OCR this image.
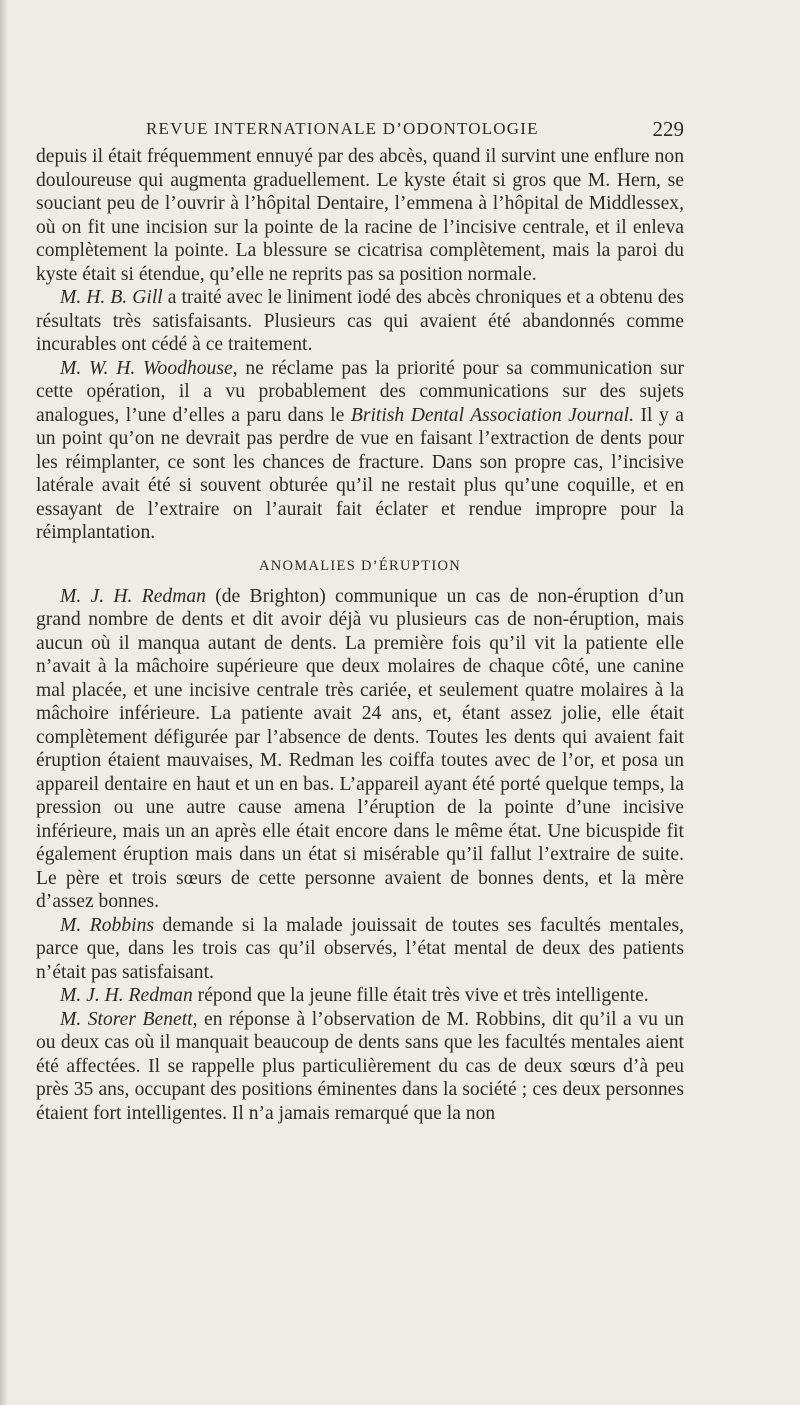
REVUE INTERNATIONALE D’ODONTOLOGIE	229

depuis il était fréquemment ennuyé par des abcès, quand il survint une enflure non douloureuse qui augmenta graduellement. Le kyste était si gros que M. Hern, se souciant peu de l’ouvrir à l’hôpital Dentaire, l’emmena à l’hôpital de Middlessex, où on fit une incision sur la pointe de la racine de l’incisive centrale, et il enleva complètement la pointe. La blessure se cicatrisa complètement, mais la paroi du kyste était si étendue, qu’elle ne reprits pas sa position normale.

M. H. B. Gill a traité avec le liniment iodé des abcès chroniques et a obtenu des résultats très satisfaisants. Plusieurs cas qui avaient été abandonnés comme incurables ont cédé à ce traitement.

M. W. H. Woodhouse, ne réclame pas la priorité pour sa communication sur cette opération, il a vu probablement des communications sur des sujets analogues, l’une d’elles a paru dans le British Dental Association Journal. Il y a un point qu’on ne devrait pas perdre de vue en faisant l’extraction de dents pour les réimplanter, ce sont les chances de fracture. Dans son propre cas, l’incisive latérale avait été si souvent obturée qu’il ne restait plus qu’une coquille, et en essayant de l’extraire on l’aurait fait éclater et rendue impropre pour la réimplantation.

ANOMALIES D’ÉRUPTION

M. J. H. Redman (de Brighton) communique un cas de non-éruption d’un grand nombre de dents et dit avoir déjà vu plusieurs cas de non-éruption, mais aucun où il manqua autant de dents. La première fois qu’il vit la patiente elle n’avait à la mâchoire supérieure que deux molaires de chaque côté, une canine mal placée, et une incisive centrale très cariée, et seulement quatre molaires à la mâchoire inférieure. La patiente avait 24 ans, et, étant assez jolie, elle était complètement défigurée par l’absence de dents. Toutes les dents qui avaient fait éruption étaient mauvaises, M. Redman les coiffa toutes avec de l’or, et posa un appareil dentaire en haut et un en bas. L’appareil ayant été porté quelque temps, la pression ou une autre cause amena l’éruption de la pointe d’une incisive inférieure, mais un an après elle était encore dans le même état. Une bicuspide fit également éruption mais dans un état si misérable qu’il fallut l’extraire de suite. Le père et trois sœurs de cette personne avaient de bonnes dents, et la mère d’assez bonnes.

M. Robbins demande si la malade jouissait de toutes ses facultés mentales, parce que, dans les trois cas qu’il observés, l’état mental de deux des patients n’était pas satisfaisant.

M. J. H. Redman répond que la jeune fille était très vive et très intelligente.

M. Storer Benett, en réponse à l’observation de M. Robbins, dit qu’il a vu un ou deux cas où il manquait beaucoup de dents sans que les facultés mentales aient été affectées. Il se rappelle plus particulièrement du cas de deux sœurs d’à peu près 35 ans, occupant des positions éminentes dans la société ; ces deux personnes étaient fort intelligentes. Il n’a jamais remarqué que la non
